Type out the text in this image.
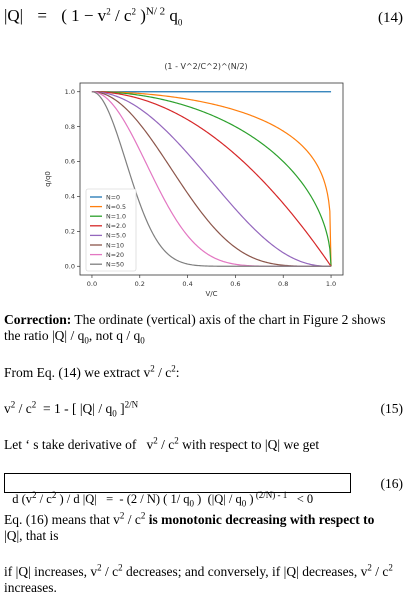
|Q| = ( $1 - v^2 / c^2$ )$^{N/ 2}$ $q_0$	(14)
(1 - V^2/C^2)^(N/2)
q/q0
V/C
0.0	0.2	0.4	0.6	0.8	1.0
0.0
0.2
0.4
0.6
0.8
1.0
N=0
N=0.5
N=1.0
N=2.0
N=5.0
N=10
N=20
N=50
Correction: The ordinate (vertical) axis of the chart in Figure 2 shows the ratio $|Q| / q_0$, not q / $q_0$
From Eq. (14) we extract $v^2 / c^2$:
$v^2 / c^2 = 1$ - [ $|Q| / q_0$ ]$^{2/N}$	(15)
Let ‘ s take derivative of   $v^2 / c^2$ with respect to |Q| we get

d ($v^2 / c^2$ ) / d |Q|   =  - (2 / N) ( 1/ $q_0$ )  ($|Q| / q_0$ ) $^{(2/N) - 1}$   < 0

(16)
Eq. (16) means that $v^2 / c^2$ is monotonic decreasing with respect to |Q|, that is
if |Q| increases, $v^2 / c^2$ decreases; and conversely, if |Q| decreases, $v^2 / c^2$ increases.
